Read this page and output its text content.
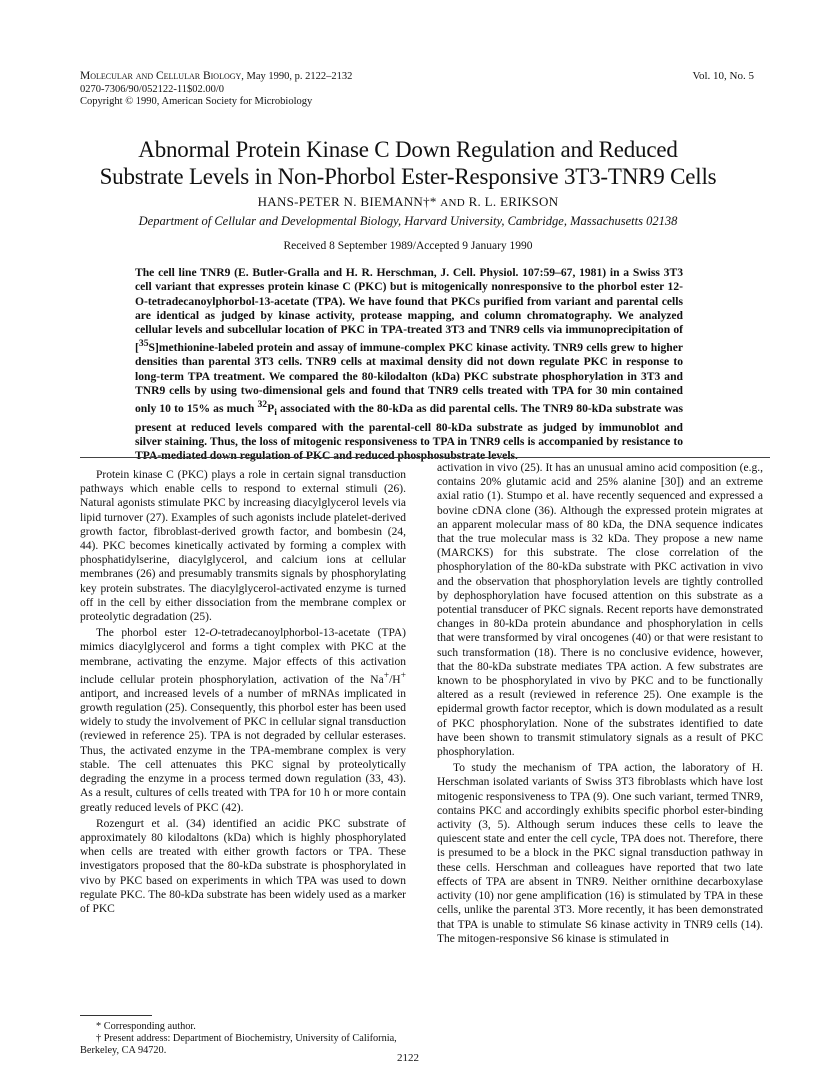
Molecular and Cellular Biology, May 1990, p. 2122–2132
0270-7306/90/052122-11$02.00/0
Copyright © 1990, American Society for Microbiology
Vol. 10, No. 5
Abnormal Protein Kinase C Down Regulation and Reduced
Substrate Levels in Non-Phorbol Ester-Responsive 3T3-TNR9 Cells
HANS-PETER N. BIEMANN†* AND R. L. ERIKSON
Department of Cellular and Developmental Biology, Harvard University, Cambridge, Massachusetts 02138
Received 8 September 1989/Accepted 9 January 1990
The cell line TNR9 (E. Butler-Gralla and H. R. Herschman, J. Cell. Physiol. 107:59–67, 1981) in a Swiss 3T3 cell variant that expresses protein kinase C (PKC) but is mitogenically nonresponsive to the phorbol ester 12-O-tetradecanoylphorbol-13-acetate (TPA). We have found that PKCs purified from variant and parental cells are identical as judged by kinase activity, protease mapping, and column chromatography. We analyzed cellular levels and subcellular location of PKC in TPA-treated 3T3 and TNR9 cells via immunoprecipitation of [$^{35}$S]methionine-labeled protein and assay of immune-complex PKC kinase activity. TNR9 cells grew to higher densities than parental 3T3 cells. TNR9 cells at maximal density did not down regulate PKC in response to long-term TPA treatment. We compared the 80-kilodalton (kDa) PKC substrate phosphorylation in 3T3 and TNR9 cells by using two-dimensional gels and found that TNR9 cells treated with TPA for 30 min contained only 10 to 15% as much $^{32}P_i$ associated with the 80-kDa as did parental cells. The TNR9 80-kDa substrate was present at reduced levels compared with the parental-cell 80-kDa substrate as judged by immunoblot and silver staining. Thus, the loss of mitogenic responsiveness to TPA in TNR9 cells is accompanied by resistance to TPA-mediated down regulation of PKC and reduced phosphosubstrate levels.

Protein kinase C (PKC) plays a role in certain signal transduction pathways which enable cells to respond to external stimuli (26). Natural agonists stimulate PKC by increasing diacylglycerol levels via lipid turnover (27). Examples of such agonists include platelet-derived growth factor, fibroblast-derived growth factor, and bombesin (24, 44). PKC becomes kinetically activated by forming a complex with phosphatidylserine, diacylglycerol, and calcium ions at cellular membranes (26) and presumably transmits signals by phosphorylating key protein substrates. The diacylglycerol-activated enzyme is turned off in the cell by either dissociation from the membrane complex or proteolytic degradation (25).

The phorbol ester 12-O-tetradecanoylphorbol-13-acetate (TPA) mimics diacylglycerol and forms a tight complex with PKC at the membrane, activating the enzyme. Major effects of this activation include cellular protein phosphorylation, activation of the Na+/H+ antiport, and increased levels of a number of mRNAs implicated in growth regulation (25). Consequently, this phorbol ester has been used widely to study the involvement of PKC in cellular signal transduction (reviewed in reference 25). TPA is not degraded by cellular esterases. Thus, the activated enzyme in the TPA-membrane complex is very stable. The cell attenuates this PKC signal by proteolytically degrading the enzyme in a process termed down regulation (33, 43). As a result, cultures of cells treated with TPA for 10 h or more contain greatly reduced levels of PKC (42).

Rozengurt et al. (34) identified an acidic PKC substrate of approximately 80 kilodaltons (kDa) which is highly phosphorylated when cells are treated with either growth factors or TPA. These investigators proposed that the 80-kDa substrate is phosphorylated in vivo by PKC based on experiments in which TPA was used to down regulate PKC. The 80-kDa substrate has been widely used as a marker of PKC

activation in vivo (25). It has an unusual amino acid composition (e.g., contains 20% glutamic acid and 25% alanine [30]) and an extreme axial ratio (1). Stumpo et al. have recently sequenced and expressed a bovine cDNA clone (36). Although the expressed protein migrates at an apparent molecular mass of 80 kDa, the DNA sequence indicates that the true molecular mass is 32 kDa. They propose a new name (MARCKS) for this substrate. The close correlation of the phosphorylation of the 80-kDa substrate with PKC activation in vivo and the observation that phosphorylation levels are tightly controlled by dephosphorylation have focused attention on this substrate as a potential transducer of PKC signals. Recent reports have demonstrated changes in 80-kDa protein abundance and phosphorylation in cells that were transformed by viral oncogenes (40) or that were resistant to such transformation (18). There is no conclusive evidence, however, that the 80-kDa substrate mediates TPA action. A few substrates are known to be phosphorylated in vivo by PKC and to be functionally altered as a result (reviewed in reference 25). One example is the epidermal growth factor receptor, which is down modulated as a result of PKC phosphorylation. None of the substrates identified to date have been shown to transmit stimulatory signals as a result of PKC phosphorylation.

To study the mechanism of TPA action, the laboratory of H. Herschman isolated variants of Swiss 3T3 fibroblasts which have lost mitogenic responsiveness to TPA (9). One such variant, termed TNR9, contains PKC and accordingly exhibits specific phorbol ester-binding activity (3, 5). Although serum induces these cells to leave the quiescent state and enter the cell cycle, TPA does not. Therefore, there is presumed to be a block in the PKC signal transduction pathway in these cells. Herschman and colleagues have reported that two late effects of TPA are absent in TNR9. Neither ornithine decarboxylase activity (10) nor gene amplification (16) is stimulated by TPA in these cells, unlike the parental 3T3. More recently, it has been demonstrated that TPA is unable to stimulate S6 kinase activity in TNR9 cells (14). The mitogen-responsive S6 kinase is stimulated in

* Corresponding author.

† Present address: Department of Biochemistry, University of California, Berkeley, CA 94720.

2122
